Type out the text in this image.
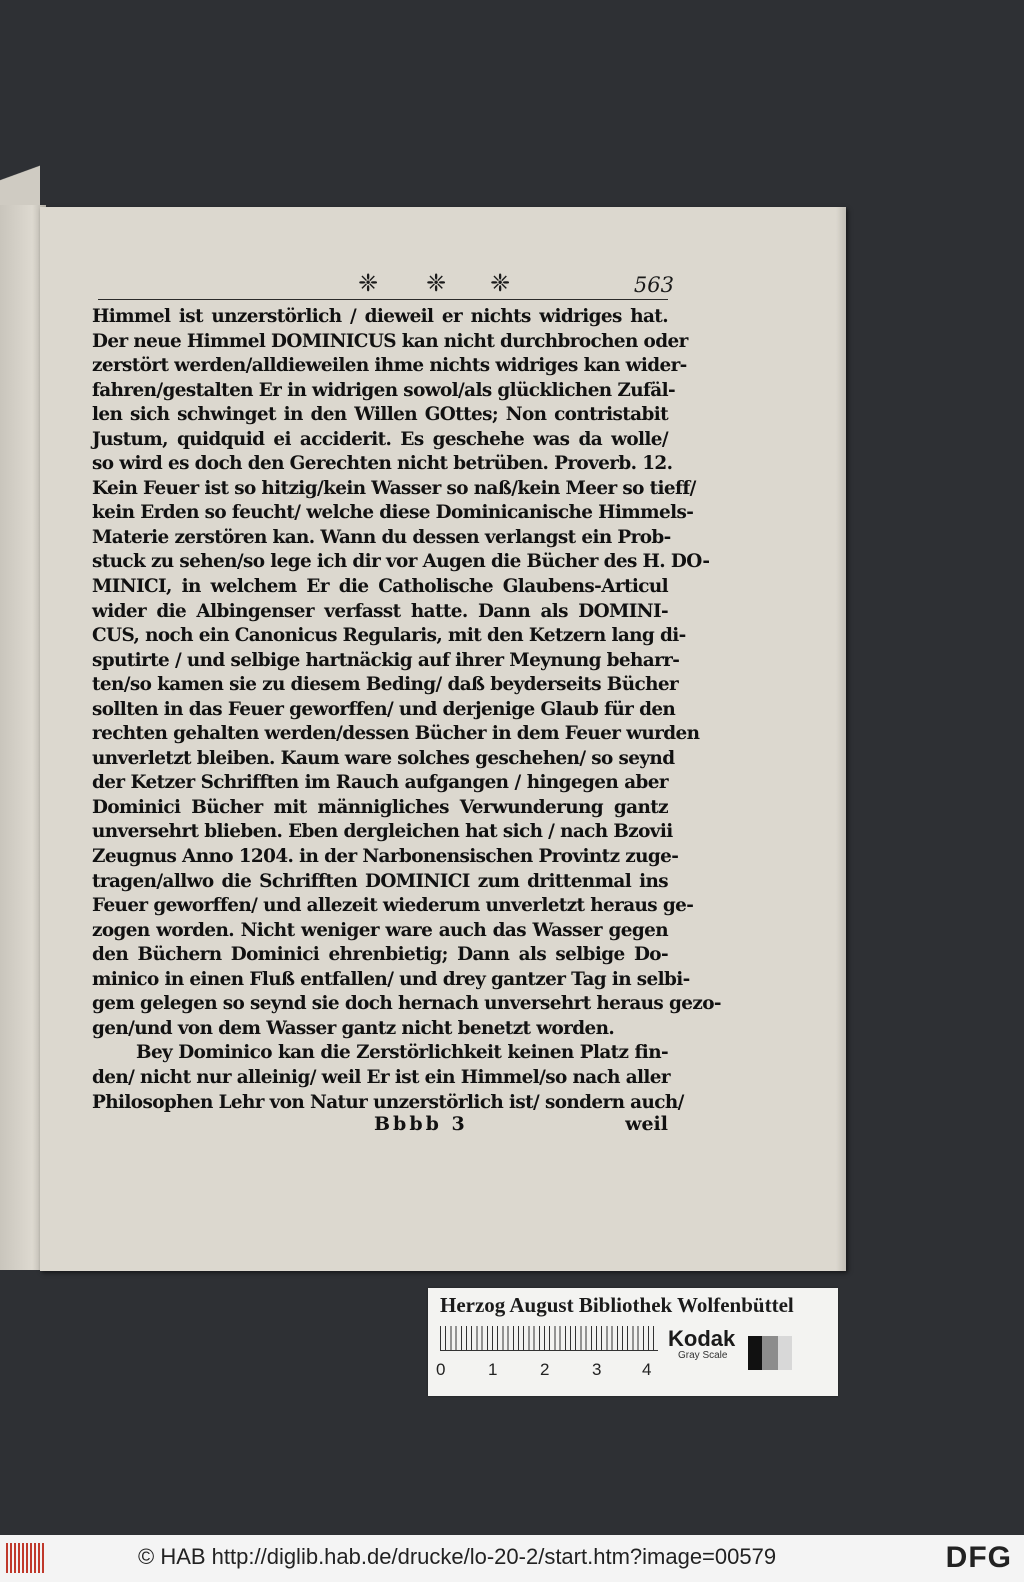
❈ ❈ ❈	563
Himmel ist unzerstörlich / dieweil er nichts widriges hat.
Der neue Himmel DOMINICUS kan nicht durchbrochen oder
zerstört werden/alldieweilen ihme nichts widriges kan wider-
fahren/gestalten Er in widrigen sowol/als glücklichen Zufäl-
len sich schwinget in den Willen GOttes; Non contristabit
Justum, quidquid ei acciderit. Es geschehe was da wolle/
so wird es doch den Gerechten nicht betrüben. Proverb. 12.
Kein Feuer ist so hitzig/kein Wasser so naß/kein Meer so tieff/
kein Erden so feucht/ welche diese Dominicanische Himmels-
Materie zerstören kan. Wann du dessen verlangst ein Prob-
stuck zu sehen/so lege ich dir vor Augen die Bücher des H. DO-
MINICI, in welchem Er die Catholische Glaubens-Articul
wider die Albingenser verfasst hatte. Dann als DOMINI-
CUS, noch ein Canonicus Regularis, mit den Ketzern lang di-
sputirte / und selbige hartnäckig auf ihrer Meynung beharr-
ten/so kamen sie zu diesem Beding/ daß beyderseits Bücher
sollten in das Feuer geworffen/ und derjenige Glaub für den
rechten gehalten werden/dessen Bücher in dem Feuer wurden
unverletzt bleiben. Kaum ware solches geschehen/ so seynd
der Ketzer Schrifften im Rauch aufgangen / hingegen aber
Dominici Bücher mit männigliches Verwunderung gantz
unversehrt blieben. Eben dergleichen hat sich / nach Bzovii
Zeugnus Anno 1204. in der Narbonensischen Provintz zuge-
tragen/allwo die Schrifften DOMINICI zum drittenmal ins
Feuer geworffen/ und allezeit wiederum unverletzt heraus ge-
zogen worden. Nicht weniger ware auch das Wasser gegen
den Büchern Dominici ehrenbietig; Dann als selbige Do-
minico in einen Fluß entfallen/ und drey gantzer Tag in selbi-
gem gelegen so seynd sie doch hernach unversehrt heraus gezo-
gen/und von dem Wasser gantz nicht benetzt worden.
Bey Dominico kan die Zerstörlichkeit keinen Platz fin-
den/ nicht nur alleinig/ weil Er ist ein Himmel/so nach aller
Philosophen Lehr von Natur unzerstörlich ist/ sondern auch/
Bbbb 3	weil
Herzog August Bibliothek Wolfenbüttel
0	1	2	3 4
Kodak
Gray Scale
© HAB http://diglib.hab.de/drucke/lo-20-2/start.htm?image=00579	DFG
